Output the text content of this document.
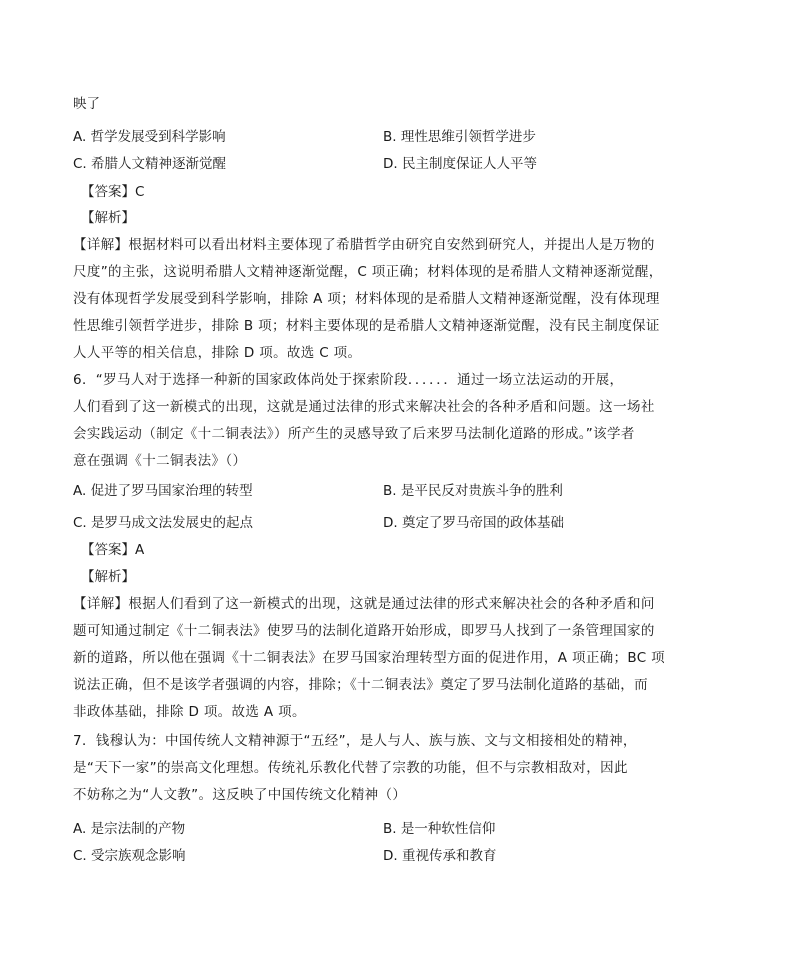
映了
A. 哲学发展受到科学影响	B. 理性思维引领哲学进步
C. 希腊人文精神逐渐觉醒	D. 民主制度保证人人平等
【答案】C
【解析】
【详解】根据材料可以看出材料主要体现了希腊哲学由研究自安然到研究人，并提出人是万物的
尺度”的主张，这说明希腊人文精神逐渐觉醒，C 项正确；材料体现的是希腊人文精神逐渐觉醒，
没有体现哲学发展受到科学影响，排除 A 项；材料体现的是希腊人文精神逐渐觉醒，没有体现理
性思维引领哲学进步，排除 B 项；材料主要体现的是希腊人文精神逐渐觉醒，没有民主制度保证
人人平等的相关信息，排除 D 项。故选 C 项。
6．“罗马人对于选择一种新的国家政体尚处于探索阶段．．．．．．通过一场立法运动的开展，
人们看到了这一新模式的出现，这就是通过法律的形式来解决社会的各种矛盾和问题。这一场社
会实践运动（制定《十二铜表法》）所产生的灵感导致了后来罗马法制化道路的形成。”该学者
意在强调《十二铜表法》（）
A. 促进了罗马国家治理的转型	B. 是平民反对贵族斗争的胜利
C. 是罗马成文法发展史的起点	D. 奠定了罗马帝国的政体基础
【答案】A
【解析】
【详解】根据人们看到了这一新模式的出现，这就是通过法律的形式来解决社会的各种矛盾和问
题可知通过制定《十二铜表法》使罗马的法制化道路开始形成，即罗马人找到了一条管理国家的
新的道路，所以他在强调《十二铜表法》在罗马国家治理转型方面的促进作用，A 项正确；BC 项
说法正确，但不是该学者强调的内容，排除；《十二铜表法》奠定了罗马法制化道路的基础，而
非政体基础，排除 D 项。故选 A 项。
7．钱穆认为：中国传统人文精神源于“五经”，是人与人、族与族、文与文相接相处的精神，
是“天下一家”的崇高文化理想。传统礼乐教化代替了宗教的功能，但不与宗教相敌对，因此
不妨称之为“人文教”。这反映了中国传统文化精神（）
A. 是宗法制的产物	B. 是一种软性信仰
C. 受宗族观念影响	D. 重视传承和教育
